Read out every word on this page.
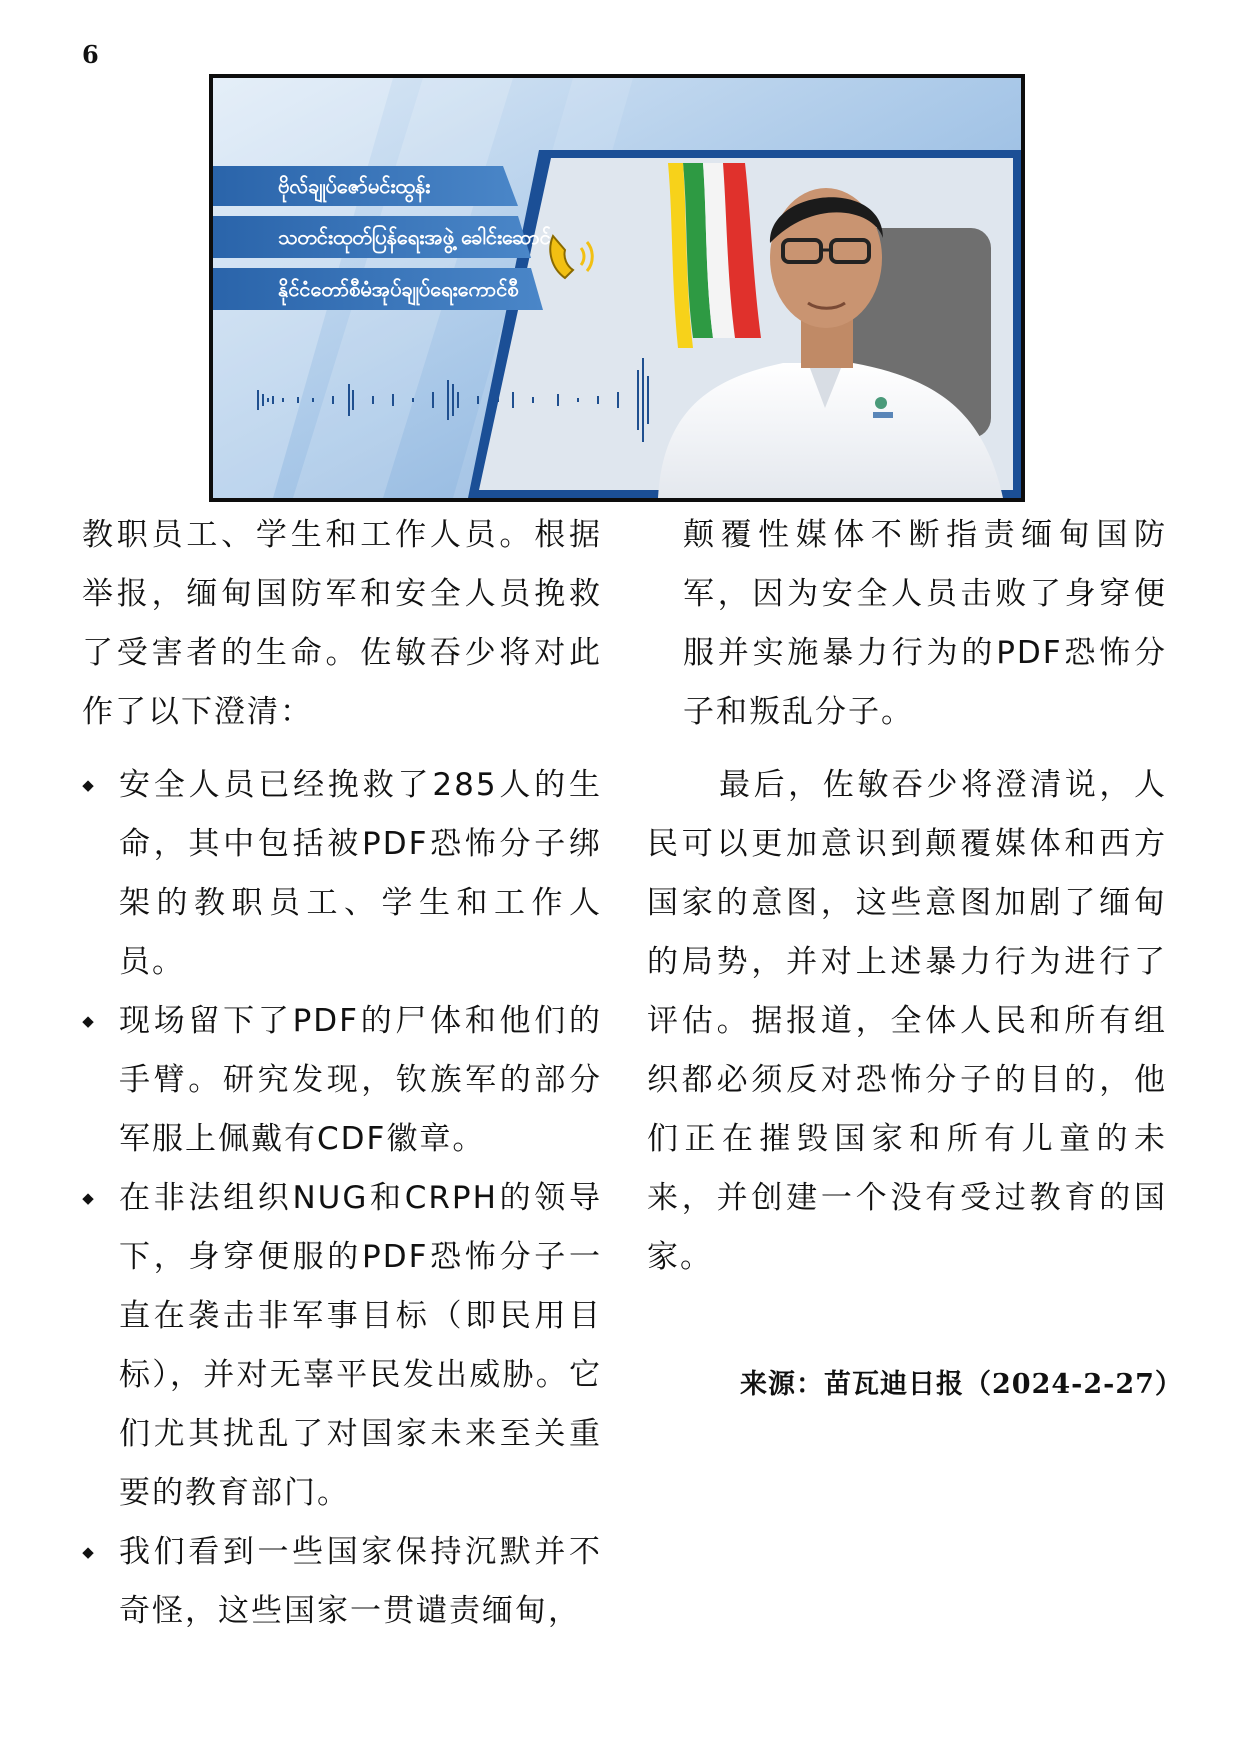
6
ဗိုလ်ချုပ်ဇော်မင်းထွန်း
သတင်းထုတ်ပြန်ရေးအဖွဲ့ ခေါင်းဆောင်
နိုင်ငံတော်စီမံအုပ်ချုပ်ရေးကောင်စီ

教职员工、学生和工作人员。根据举报，缅甸国防军和安全人员挽救了受害者的生命。佐敏吞少将对此作了以下澄清：

◆ 安全人员已经挽救了285人的生命，其中包括被PDF恐怖分子绑架的教职员工、学生和工作人员。
◆ 现场留下了PDF的尸体和他们的手臂。研究发现，钦族军的部分军服上佩戴有CDF徽章。
◆ 在非法组织NUG和CRPH的领导下，身穿便服的PDF恐怖分子一直在袭击非军事目标（即民用目标），并对无辜平民发出威胁。它们尤其扰乱了对国家未来至关重要的教育部门。
◆ 我们看到一些国家保持沉默并不奇怪，这些国家一贯谴责缅甸，

颠覆性媒体不断指责缅甸国防军，因为安全人员击败了身穿便服并实施暴力行为的PDF恐怖分子和叛乱分子。

最后，佐敏吞少将澄清说，人民可以更加意识到颠覆媒体和西方国家的意图，这些意图加剧了缅甸的局势，并对上述暴力行为进行了评估。据报道，全体人民和所有组织都必须反对恐怖分子的目的，他们正在摧毁国家和所有儿童的未来，并创建一个没有受过教育的国家。

来源：苗瓦迪日报（2024-2-27）
